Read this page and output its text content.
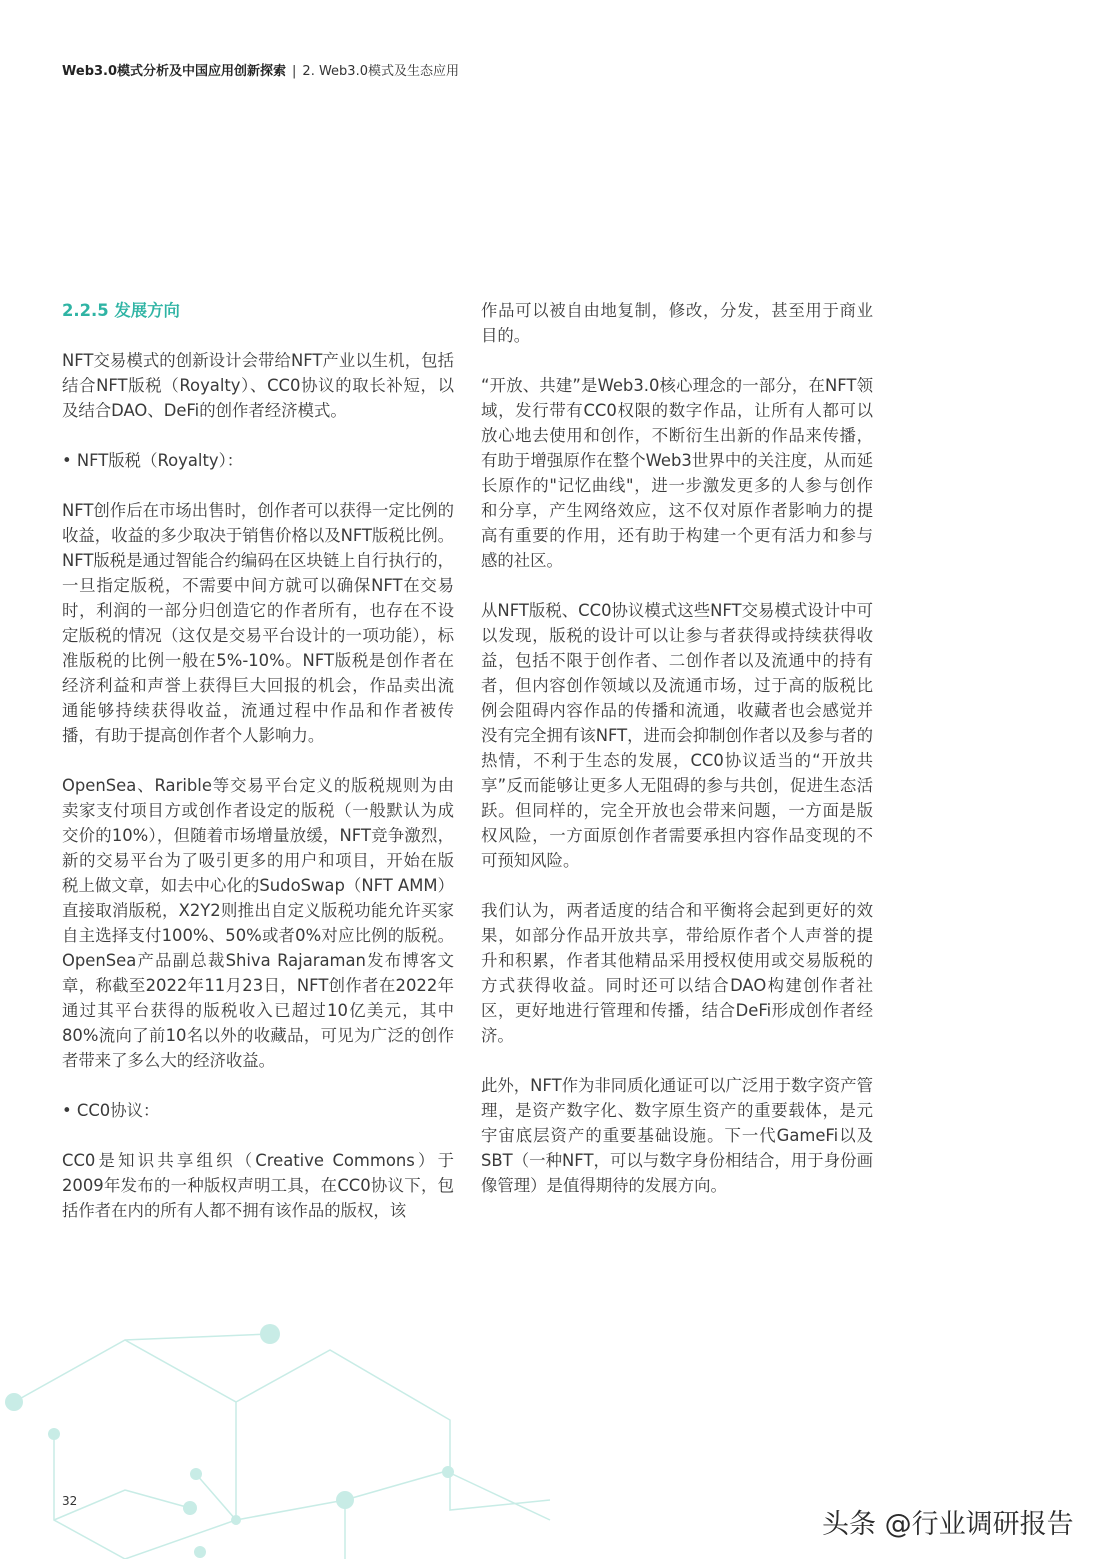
Web3.0模式分析及中国应用创新探索 | 2. Web3.0模式及生态应用

2.2.5 发展方向

NFT交易模式的创新设计会带给NFT产业以生机，包括结合NFT版税（Royalty）、CC0协议的取长补短，以及结合DAO、DeFi的创作者经济模式。

• NFT版税（Royalty）：

NFT创作后在市场出售时，创作者可以获得一定比例的收益，收益的多少取决于销售价格以及NFT版税比例。NFT版税是通过智能合约编码在区块链上自行执行的，一旦指定版税，不需要中间方就可以确保NFT在交易时，利润的一部分归创造它的作者所有，也存在不设定版税的情况（这仅是交易平台设计的一项功能），标准版税的比例一般在5%-10%。NFT版税是创作者在经济利益和声誉上获得巨大回报的机会，作品卖出流通能够持续获得收益，流通过程中作品和作者被传播，有助于提高创作者个人影响力。

OpenSea、Rarible等交易平台定义的版税规则为由卖家支付项目方或创作者设定的版税（一般默认为成交价的10%），但随着市场增量放缓，NFT竞争激烈，新的交易平台为了吸引更多的用户和项目，开始在版税上做文章，如去中心化的SudoSwap（NFT AMM）直接取消版税，X2Y2则推出自定义版税功能允许买家自主选择支付100%、50%或者0%对应比例的版税。OpenSea产品副总裁Shiva Rajaraman发布博客文章，称截至2022年11月23日，NFT创作者在2022年通过其平台获得的版税收入已超过10亿美元，其中80%流向了前10名以外的收藏品，可见为广泛的创作者带来了多么大的经济收益。

• CC0协议：

CC0是知识共享组织（Creative Commons）于2009年发布的一种版权声明工具，在CC0协议下，包括作者在内的所有人都不拥有该作品的版权，该

作品可以被自由地复制，修改，分发，甚至用于商业目的。

“开放、共建”是Web3.0核心理念的一部分，在NFT领域，发行带有CC0权限的数字作品，让所有人都可以放心地去使用和创作，不断衍生出新的作品来传播，有助于增强原作在整个Web3世界中的关注度，从而延长原作的"记忆曲线"，进一步激发更多的人参与创作和分享，产生网络效应，这不仅对原作者影响力的提高有重要的作用，还有助于构建一个更有活力和参与感的社区。

从NFT版税、CC0协议模式这些NFT交易模式设计中可以发现，版税的设计可以让参与者获得或持续获得收益，包括不限于创作者、二创作者以及流通中的持有者，但内容创作领域以及流通市场，过于高的版税比例会阻碍内容作品的传播和流通，收藏者也会感觉并没有完全拥有该NFT，进而会抑制创作者以及参与者的热情，不利于生态的发展，CC0协议适当的“开放共享”反而能够让更多人无阻碍的参与共创，促进生态活跃。但同样的，完全开放也会带来问题，一方面是版权风险，一方面原创作者需要承担内容作品变现的不可预知风险。

我们认为，两者适度的结合和平衡将会起到更好的效果，如部分作品开放共享，带给原作者个人声誉的提升和积累，作者其他精品采用授权使用或交易版税的方式获得收益。同时还可以结合DAO构建创作者社区，更好地进行管理和传播，结合DeFi形成创作者经济。

此外，NFT作为非同质化通证可以广泛用于数字资产管理，是资产数字化、数字原生资产的重要载体，是元宇宙底层资产的重要基础设施。下一代GameFi以及SBT（一种NFT，可以与数字身份相结合，用于身份画像管理）是值得期待的发展方向。

32
头条 @行业调研报告
